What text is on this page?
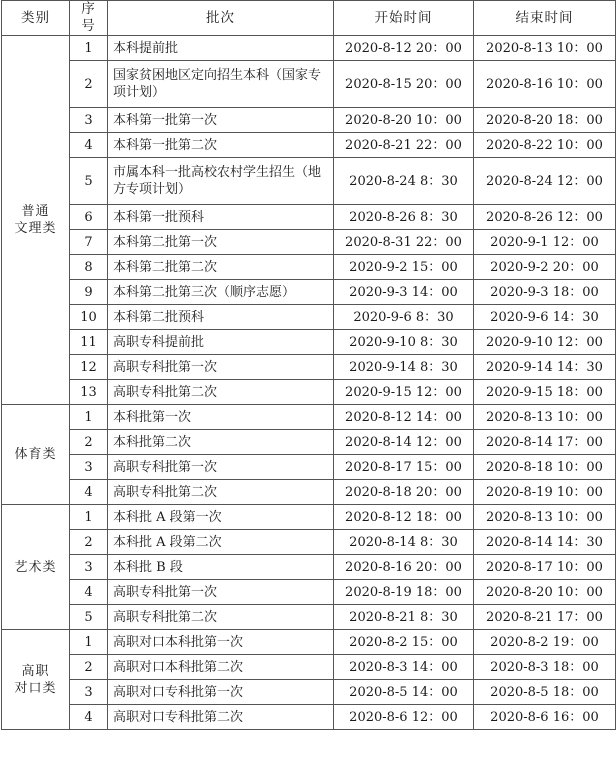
类别	序号	批次	开始时间	结束时间
普通
文理类	1	本科提前批	2020-8-12 20：00	2020-8-13 10：00
	2	国家贫困地区定向招生本科（国家专项计划）	2020-8-15 20：00	2020-8-16 10：00
	3	本科第一批第一次	2020-8-20 10：00	2020-8-20 18：00
	4	本科第一批第二次	2020-8-21 22：00	2020-8-22 10：00
	5	市属本科一批高校农村学生招生（地方专项计划）	2020-8-24 8：30	2020-8-24 12：00
	6	本科第一批预科	2020-8-26 8：30	2020-8-26 12：00
	7	本科第二批第一次	2020-8-31 22：00	2020-9-1 12：00
	8	本科第二批第二次	2020-9-2 15：00	2020-9-2 20：00
	9	本科第二批第三次（顺序志愿）	2020-9-3 14：00	2020-9-3 18：00
	10	本科第二批预科	2020-9-6 8：30	2020-9-6 14：30
	11	高职专科提前批	2020-9-10 8：30	2020-9-10 12：00
	12	高职专科批第一次	2020-9-14 8：30	2020-9-14 14：30
	13	高职专科批第二次	2020-9-15 12：00	2020-9-15 18：00
体育类	1	本科批第一次	2020-8-12 14：00	2020-8-13 10：00
	2	本科批第二次	2020-8-14 12：00	2020-8-14 17：00
	3	高职专科批第一次	2020-8-17 15：00	2020-8-18 10：00
	4	高职专科批第二次	2020-8-18 20：00	2020-8-19 10：00
艺术类	1	本科批 A 段第一次	2020-8-12 18：00	2020-8-13 10：00
	2	本科批 A 段第二次	2020-8-14 8：30	2020-8-14 14：30
	3	本科批 B 段	2020-8-16 20：00	2020-8-17 10：00
	4	高职专科批第一次	2020-8-19 18：00	2020-8-20 10：00
	5	高职专科批第二次	2020-8-21 8：30	2020-8-21 17：00
高职
对口类	1	高职对口本科批第一次	2020-8-2 15：00	2020-8-2 19：00
	2	高职对口本科批第二次	2020-8-3 14：00	2020-8-3 18：00
	3	高职对口专科批第一次	2020-8-5 14：00	2020-8-5 18：00
	4	高职对口专科批第二次	2020-8-6 12：00	2020-8-6 16：00
